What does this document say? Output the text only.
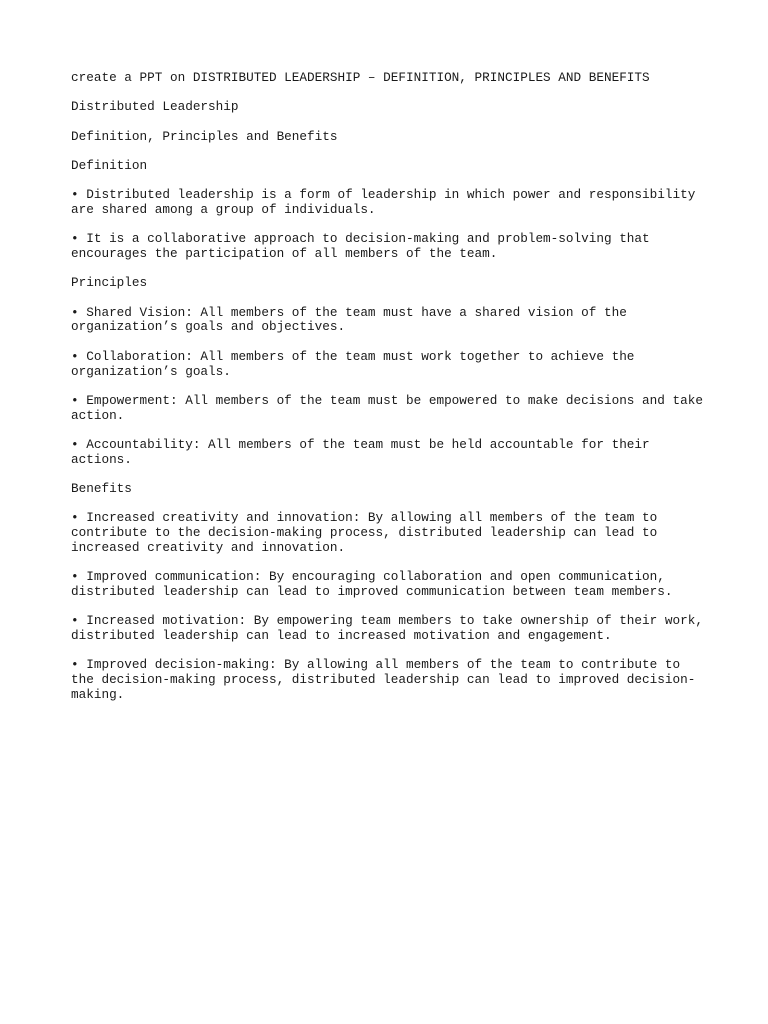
create a PPT on DISTRIBUTED LEADERSHIP – DEFINITION, PRINCIPLES AND BENEFITS

Distributed Leadership

Definition, Principles and Benefits

Definition

• Distributed leadership is a form of leadership in which power and responsibility
are shared among a group of individuals.

• It is a collaborative approach to decision-making and problem-solving that
encourages the participation of all members of the team.

Principles

• Shared Vision: All members of the team must have a shared vision of the
organization’s goals and objectives.

• Collaboration: All members of the team must work together to achieve the
organization’s goals.

• Empowerment: All members of the team must be empowered to make decisions and take
action.

• Accountability: All members of the team must be held accountable for their
actions.

Benefits

• Increased creativity and innovation: By allowing all members of the team to
contribute to the decision-making process, distributed leadership can lead to
increased creativity and innovation.

• Improved communication: By encouraging collaboration and open communication,
distributed leadership can lead to improved communication between team members.

• Increased motivation: By empowering team members to take ownership of their work,
distributed leadership can lead to increased motivation and engagement.

• Improved decision-making: By allowing all members of the team to contribute to
the decision-making process, distributed leadership can lead to improved decision-
making.
